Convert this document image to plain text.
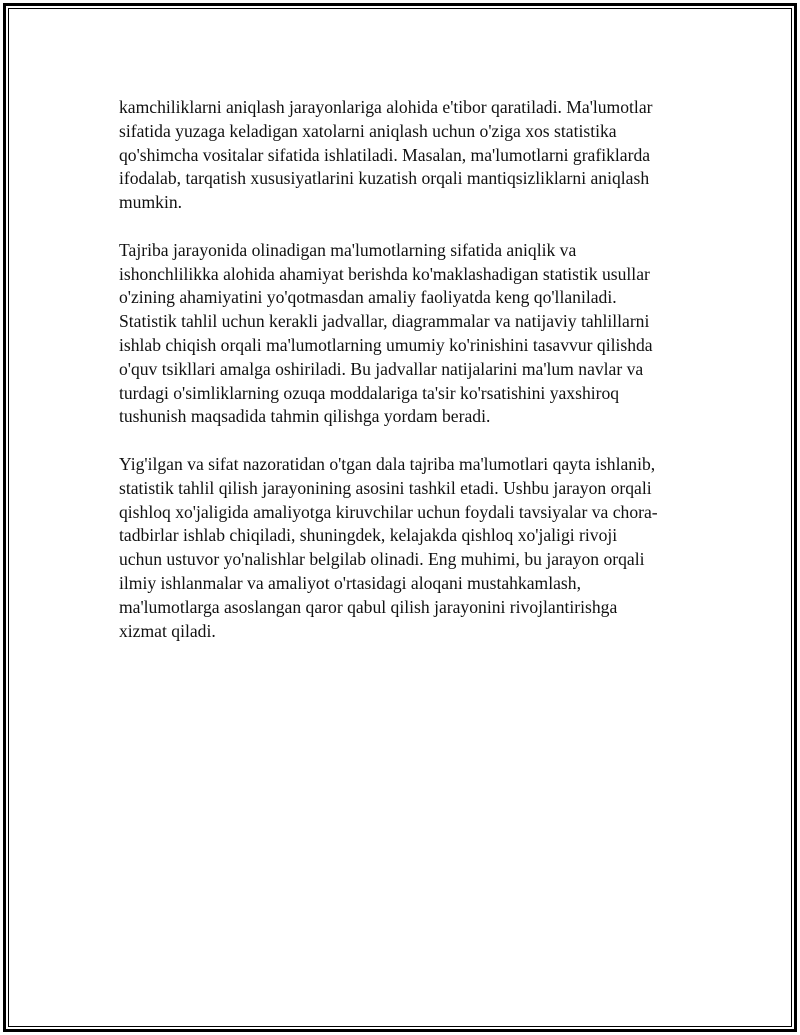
kamchiliklarni aniqlash jarayonlariga alohida e'tibor qaratiladi. Ma'lumotlar
sifatida yuzaga keladigan xatolarni aniqlash uchun o'ziga xos statistika
qo'shimcha vositalar sifatida ishlatiladi. Masalan, ma'lumotlarni grafiklarda
ifodalab, tarqatish xususiyatlarini kuzatish orqali mantiqsizliklarni aniqlash
mumkin.

Tajriba jarayonida olinadigan ma'lumotlarning sifatida aniqlik va
ishonchlilikka alohida ahamiyat berishda ko'maklashadigan statistik usullar
o'zining ahamiyatini yo'qotmasdan amaliy faoliyatda keng qo'llaniladi.
Statistik tahlil uchun kerakli jadvallar, diagrammalar va natijaviy tahlillarni
ishlab chiqish orqali ma'lumotlarning umumiy ko'rinishini tasavvur qilishda
o'quv tsikllari amalga oshiriladi. Bu jadvallar natijalarini ma'lum navlar va
turdagi o'simliklarning ozuqa moddalariga ta'sir ko'rsatishini yaxshiroq
tushunish maqsadida tahmin qilishga yordam beradi.

Yig'ilgan va sifat nazoratidan o'tgan dala tajriba ma'lumotlari qayta ishlanib,
statistik tahlil qilish jarayonining asosini tashkil etadi. Ushbu jarayon orqali
qishloq xo'jaligida amaliyotga kiruvchilar uchun foydali tavsiyalar va chora-
tadbirlar ishlab chiqiladi, shuningdek, kelajakda qishloq xo'jaligi rivoji
uchun ustuvor yo'nalishlar belgilab olinadi. Eng muhimi, bu jarayon orqali
ilmiy ishlanmalar va amaliyot o'rtasidagi aloqani mustahkamlash,
ma'lumotlarga asoslangan qaror qabul qilish jarayonini rivojlantirishga
xizmat qiladi.
